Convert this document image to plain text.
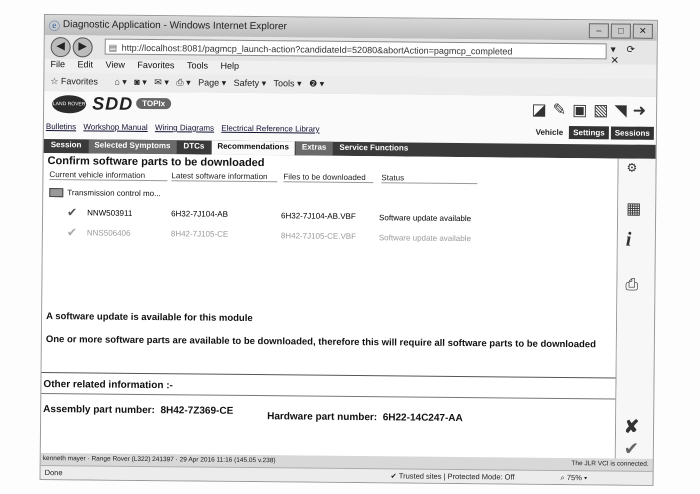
ⓔ Diagnostic Application - Windows Internet Explorer	–	□	✕
◀	▶	▤ http://localhost:8081/pagmcp_launch-action?candidateId=52080&abortAction=pagmcp_completed	▾ ⟳ ✕
File Edit View Favorites Tools Help
☆ Favorites ⌂ ▾ ◙ ▾ ✉ ▾ ⎙ ▾ Page ▾ Safety ▾ Tools ▾ ❷ ▾
LAND ROVER SDD	TOPIx
Bulletins Workshop Manual Wiring Diagrams Electrical Reference Library
◪ ✎ ▣ ▧ ◥ ➜
Vehicle	Settings	Sessions
Session	Selected Symptoms	DTCs	Recommendations	Extras	Service Functions
Confirm software parts to be downloaded
Current vehicle information	Latest software information	Files to be downloaded	Status
Transmission control mo...
✔ NNW503911	6H32-7J104-AB	6H32-7J104-AB.VBF	Software update available
✔ NNS506406	8H42-7J105-CE	8H42-7J105-CE.VBF	Software update available
A software update is available for this module
One or more software parts are available to be downloaded, therefore this will require all software parts to be downloaded
Other related information :-
Assembly part number: 8H42-7Z369-CE
Hardware part number: 6H22-14C247-AA
⚙
▦
i
⎙
✘
✔
kenneth mayer · Range Rover (L322) 241397 · 29 Apr 2016 11:16 (145.05 v.238)	The JLR VCI is connected.
Done	✔ Trusted sites | Protected Mode: Off	⌕ 75% ▾
